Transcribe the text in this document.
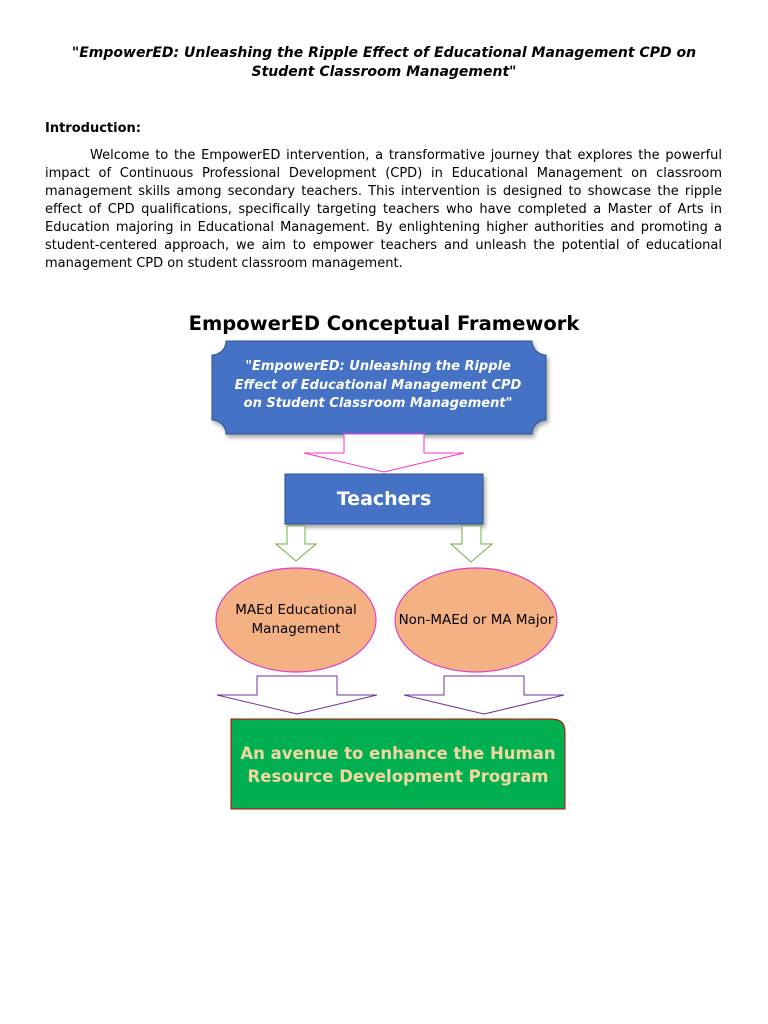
"EmpowerED: Unleashing the Ripple Effect of Educational Management CPD on Student Classroom Management"
Introduction:

Welcome to the EmpowerED intervention, a transformative journey that explores the powerful impact of Continuous Professional Development (CPD) in Educational Management on classroom management skills among secondary teachers. This intervention is designed to showcase the ripple effect of CPD qualifications, specifically targeting teachers who have completed a Master of Arts in Education majoring in Educational Management. By enlightening higher authorities and promoting a student-centered approach, we aim to empower teachers and unleash the potential of educational management CPD on student classroom management.

EmpowerED Conceptual Framework
"EmpowerED: Unleashing the Ripple Effect of Educational Management CPD on Student Classroom Management"
Teachers
MAEd Educational Management
Non-MAEd or MA Major
An avenue to enhance the Human Resource Development Program
